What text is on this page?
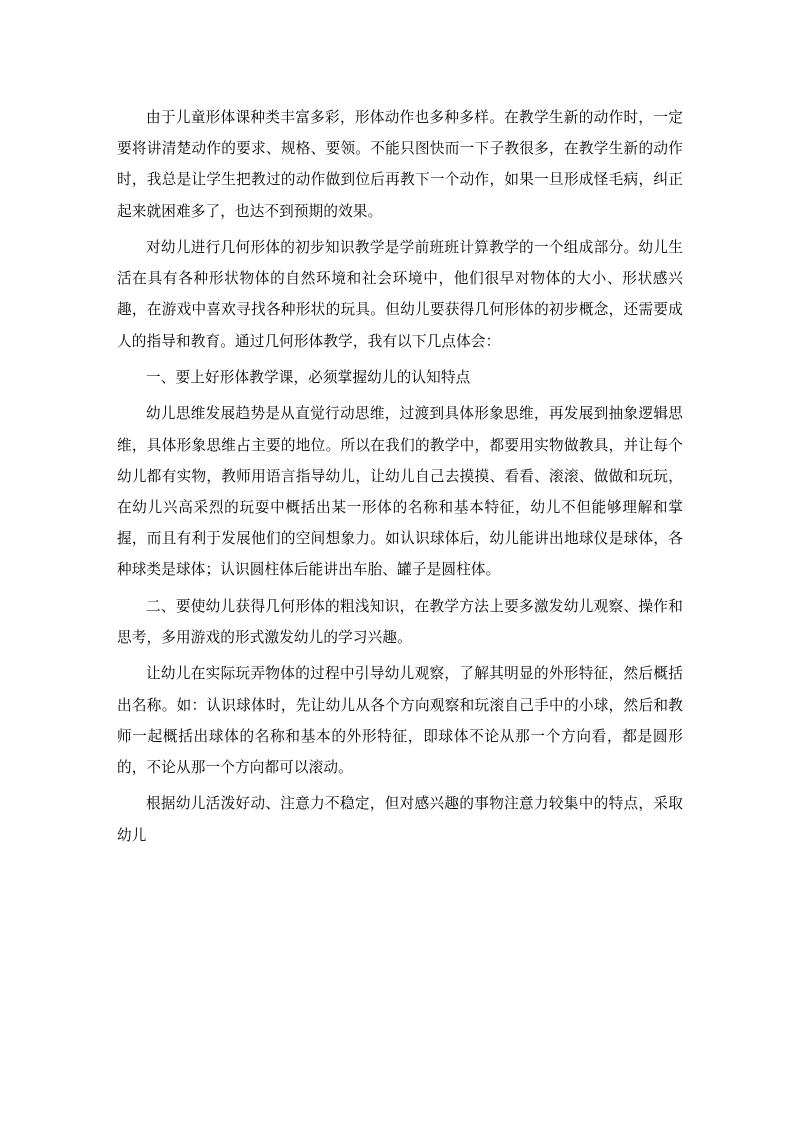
由于儿童形体课种类丰富多彩，形体动作也多种多样。在教学生新的动作时，一定要将讲清楚动作的要求、规格、要领。不能只图快而一下子教很多，在教学生新的动作时，我总是让学生把教过的动作做到位后再教下一个动作，如果一旦形成怪毛病，纠正起来就困难多了，也达不到预期的效果。

对幼儿进行几何形体的初步知识教学是学前班班计算教学的一个组成部分。幼儿生活在具有各种形状物体的自然环境和社会环境中，他们很早对物体的大小、形状感兴趣，在游戏中喜欢寻找各种形状的玩具。但幼儿要获得几何形体的初步概念，还需要成人的指导和教育。通过几何形体教学，我有以下几点体会：

一、要上好形体教学课，必须掌握幼儿的认知特点

幼儿思维发展趋势是从直觉行动思维，过渡到具体形象思维，再发展到抽象逻辑思维，具体形象思维占主要的地位。所以在我们的教学中，都要用实物做教具，并让每个幼儿都有实物，教师用语言指导幼儿，让幼儿自己去摸摸、看看、滚滚、做做和玩玩，在幼儿兴高采烈的玩耍中概括出某一形体的名称和基本特征，幼儿不但能够理解和掌握，而且有利于发展他们的空间想象力。如认识球体后，幼儿能讲出地球仪是球体，各种球类是球体；认识圆柱体后能讲出车胎、罐子是圆柱体。

二、要使幼儿获得几何形体的粗浅知识，在教学方法上要多激发幼儿观察、操作和思考，多用游戏的形式激发幼儿的学习兴趣。

让幼儿在实际玩弄物体的过程中引导幼儿观察，了解其明显的外形特征，然后概括出名称。如：认识球体时，先让幼儿从各个方向观察和玩滚自己手中的小球，然后和教师一起概括出球体的名称和基本的外形特征，即球体不论从那一个方向看，都是圆形的，不论从那一个方向都可以滚动。

根据幼儿活泼好动、注意力不稳定，但对感兴趣的事物注意力较集中的特点，采取幼儿
